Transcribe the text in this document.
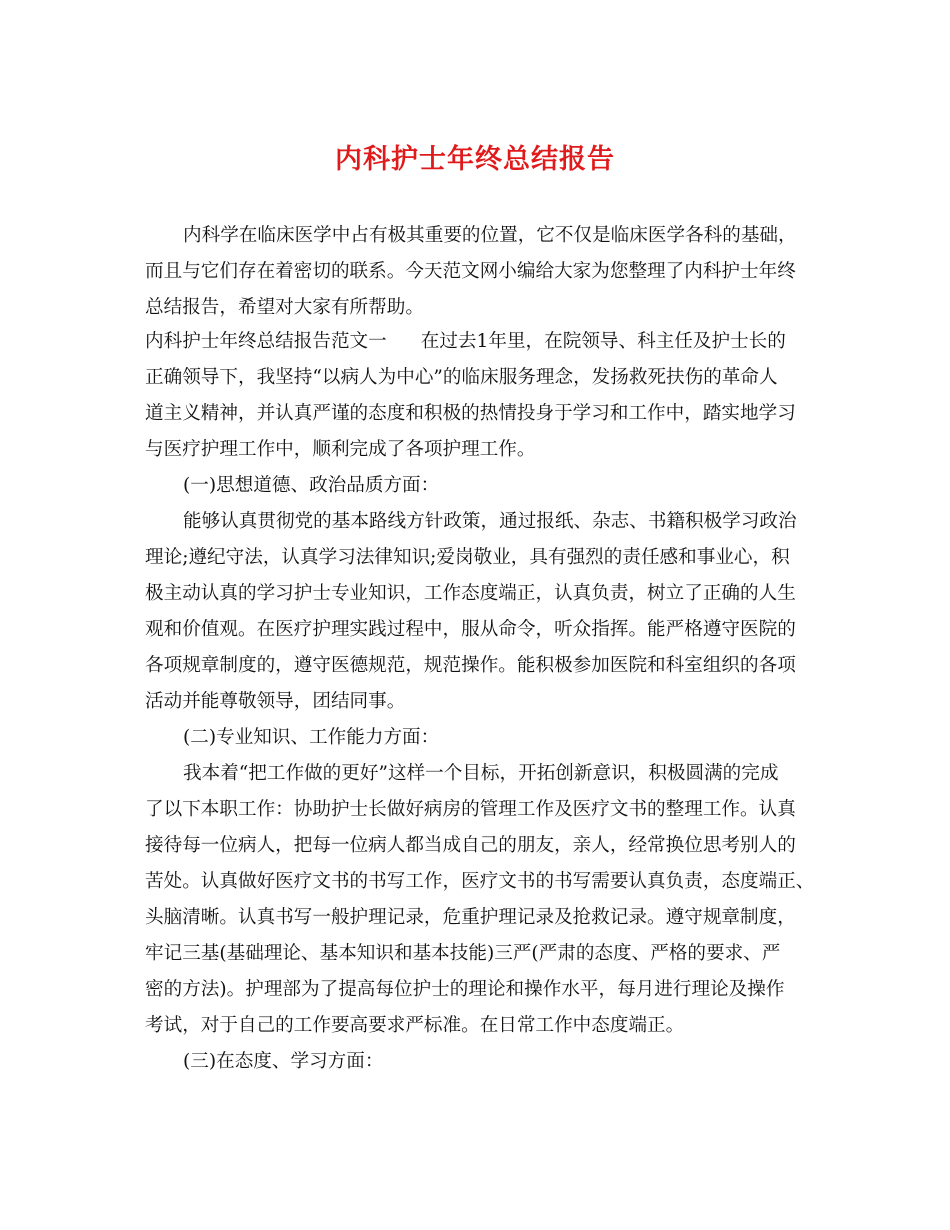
内科护士年终总结报告
内科学在临床医学中占有极其重要的位置，它不仅是临床医学各科的基础，
而且与它们存在着密切的联系。今天范文网小编给大家为您整理了内科护士年终
总结报告，希望对大家有所帮助。
内科护士年终总结报告范文一 在过去1年里，在院领导、科主任及护士长的
正确领导下，我坚持“以病人为中心”的临床服务理念，发扬救死扶伤的革命人
道主义精神，并认真严谨的态度和积极的热情投身于学习和工作中，踏实地学习
与医疗护理工作中，顺利完成了各项护理工作。
(一)思想道德、政治品质方面：
能够认真贯彻党的基本路线方针政策，通过报纸、杂志、书籍积极学习政治
理论;遵纪守法，认真学习法律知识;爱岗敬业，具有强烈的责任感和事业心，积
极主动认真的学习护士专业知识，工作态度端正，认真负责，树立了正确的人生
观和价值观。在医疗护理实践过程中，服从命令，听众指挥。能严格遵守医院的
各项规章制度的，遵守医德规范，规范操作。能积极参加医院和科室组织的各项
活动并能尊敬领导，团结同事。
(二)专业知识、工作能力方面：
我本着“把工作做的更好”这样一个目标，开拓创新意识，积极圆满的完成
了以下本职工作：协助护士长做好病房的管理工作及医疗文书的整理工作。认真
接待每一位病人，把每一位病人都当成自己的朋友，亲人，经常换位思考别人的
苦处。认真做好医疗文书的书写工作，医疗文书的书写需要认真负责，态度端正、
头脑清晰。认真书写一般护理记录，危重护理记录及抢救记录。遵守规章制度，
牢记三基(基础理论、基本知识和基本技能)三严(严肃的态度、严格的要求、严
密的方法)。护理部为了提高每位护士的理论和操作水平，每月进行理论及操作
考试，对于自己的工作要高要求严标准。在日常工作中态度端正。
(三)在态度、学习方面：
